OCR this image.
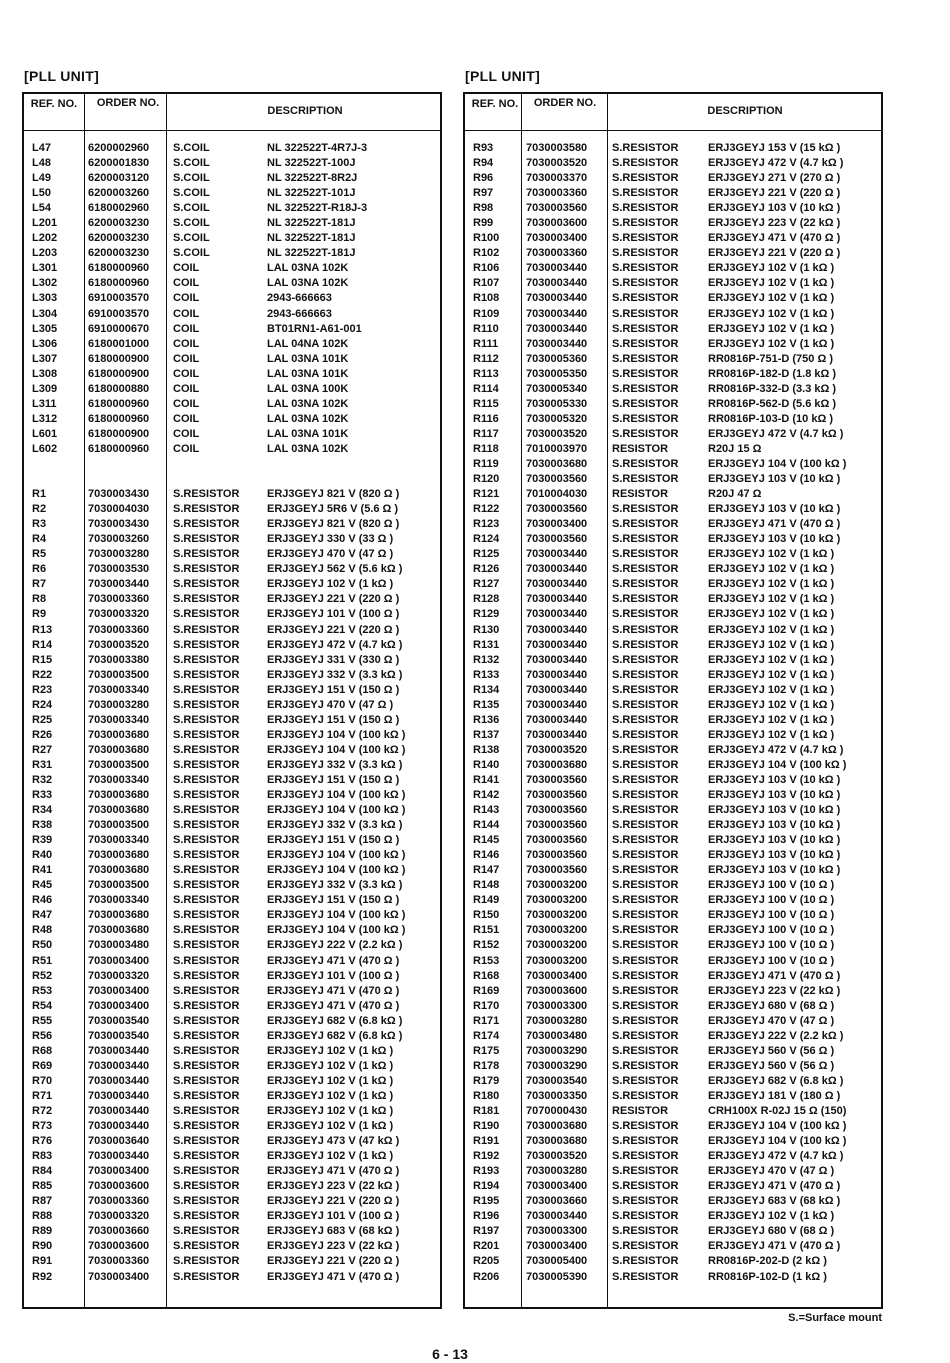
[PLL UNIT]	[PLL UNIT]
REF. NO.	ORDER NO.
DESCRIPTION
L47	6200002960 S.COIL	NL 322522T-4R7J-3
L48	6200001830 S.COIL	NL 322522T-100J
L49	6200003120 S.COIL	NL 322522T-8R2J
L50	6200003260 S.COIL	NL 322522T-101J
L54	6180002960 S.COIL	NL 322522T-R18J-3
L201	6200003230 S.COIL	NL 322522T-181J
L202	6200003230 S.COIL	NL 322522T-181J
L203	6200003230 S.COIL	NL 322522T-181J
L301	6180000960 COIL	LAL 03NA 102K
L302	6180000960 COIL	LAL 03NA 102K
L303	6910003570 COIL	2943-666663
L304	6910003570 COIL	2943-666663
L305	6910000670 COIL	BT01RN1-A61-001
L306	6180001000 COIL	LAL 04NA 102K
L307	6180000900 COIL	LAL 03NA 101K
L308	6180000900 COIL	LAL 03NA 101K
L309	6180000880 COIL	LAL 03NA 100K
L311	6180000960 COIL	LAL 03NA 102K
L312	6180000960 COIL	LAL 03NA 102K
L601	6180000900 COIL	LAL 03NA 101K
L602	6180000960 COIL	LAL 03NA 102K
R1	7030003430 S.RESISTOR	ERJ3GEYJ 821 V (820 Ω )
R2	7030004030 S.RESISTOR	ERJ3GEYJ 5R6 V (5.6 Ω )
R3	7030003430 S.RESISTOR	ERJ3GEYJ 821 V (820 Ω )
R4	7030003260 S.RESISTOR	ERJ3GEYJ 330 V (33 Ω )
R5	7030003280 S.RESISTOR	ERJ3GEYJ 470 V (47 Ω )
R6	7030003530 S.RESISTOR	ERJ3GEYJ 562 V (5.6 kΩ )
R7	7030003440 S.RESISTOR	ERJ3GEYJ 102 V (1 kΩ )
R8	7030003360 S.RESISTOR	ERJ3GEYJ 221 V (220 Ω )
R9	7030003320 S.RESISTOR	ERJ3GEYJ 101 V (100 Ω )
R13	7030003360 S.RESISTOR	ERJ3GEYJ 221 V (220 Ω )
R14	7030003520 S.RESISTOR	ERJ3GEYJ 472 V (4.7 kΩ )
R15	7030003380 S.RESISTOR	ERJ3GEYJ 331 V (330 Ω )
R22	7030003500 S.RESISTOR	ERJ3GEYJ 332 V (3.3 kΩ )
R23	7030003340 S.RESISTOR	ERJ3GEYJ 151 V (150 Ω )
R24	7030003280 S.RESISTOR	ERJ3GEYJ 470 V (47 Ω )
R25	7030003340 S.RESISTOR	ERJ3GEYJ 151 V (150 Ω )
R26	7030003680 S.RESISTOR	ERJ3GEYJ 104 V (100 kΩ )
R27	7030003680 S.RESISTOR	ERJ3GEYJ 104 V (100 kΩ )
R31	7030003500 S.RESISTOR	ERJ3GEYJ 332 V (3.3 kΩ )
R32	7030003340 S.RESISTOR	ERJ3GEYJ 151 V (150 Ω )
R33	7030003680 S.RESISTOR	ERJ3GEYJ 104 V (100 kΩ )
R34	7030003680 S.RESISTOR	ERJ3GEYJ 104 V (100 kΩ )
R38	7030003500 S.RESISTOR	ERJ3GEYJ 332 V (3.3 kΩ )
R39	7030003340 S.RESISTOR	ERJ3GEYJ 151 V (150 Ω )
R40	7030003680 S.RESISTOR	ERJ3GEYJ 104 V (100 kΩ )
R41	7030003680 S.RESISTOR	ERJ3GEYJ 104 V (100 kΩ )
R45	7030003500 S.RESISTOR	ERJ3GEYJ 332 V (3.3 kΩ )
R46	7030003340 S.RESISTOR	ERJ3GEYJ 151 V (150 Ω )
R47	7030003680 S.RESISTOR	ERJ3GEYJ 104 V (100 kΩ )
R48	7030003680 S.RESISTOR	ERJ3GEYJ 104 V (100 kΩ )
R50	7030003480 S.RESISTOR	ERJ3GEYJ 222 V (2.2 kΩ )
R51	7030003400 S.RESISTOR	ERJ3GEYJ 471 V (470 Ω )
R52	7030003320 S.RESISTOR	ERJ3GEYJ 101 V (100 Ω )
R53	7030003400 S.RESISTOR	ERJ3GEYJ 471 V (470 Ω )
R54	7030003400 S.RESISTOR	ERJ3GEYJ 471 V (470 Ω )
R55	7030003540 S.RESISTOR	ERJ3GEYJ 682 V (6.8 kΩ )
R56	7030003540 S.RESISTOR	ERJ3GEYJ 682 V (6.8 kΩ )
R68	7030003440 S.RESISTOR	ERJ3GEYJ 102 V (1 kΩ )
R69	7030003440 S.RESISTOR	ERJ3GEYJ 102 V (1 kΩ )
R70	7030003440 S.RESISTOR	ERJ3GEYJ 102 V (1 kΩ )
R71	7030003440 S.RESISTOR	ERJ3GEYJ 102 V (1 kΩ )
R72	7030003440 S.RESISTOR	ERJ3GEYJ 102 V (1 kΩ )
R73	7030003440 S.RESISTOR	ERJ3GEYJ 102 V (1 kΩ )
R76	7030003640 S.RESISTOR	ERJ3GEYJ 473 V (47 kΩ )
R83	7030003440 S.RESISTOR	ERJ3GEYJ 102 V (1 kΩ )
R84	7030003400 S.RESISTOR	ERJ3GEYJ 471 V (470 Ω )
R85	7030003600 S.RESISTOR	ERJ3GEYJ 223 V (22 kΩ )
R87	7030003360 S.RESISTOR	ERJ3GEYJ 221 V (220 Ω )
R88	7030003320 S.RESISTOR	ERJ3GEYJ 101 V (100 Ω )
R89	7030003660 S.RESISTOR	ERJ3GEYJ 683 V (68 kΩ )
R90	7030003600 S.RESISTOR	ERJ3GEYJ 223 V (22 kΩ )
R91	7030003360 S.RESISTOR	ERJ3GEYJ 221 V (220 Ω )
R92	7030003400 S.RESISTOR	ERJ3GEYJ 471 V (470 Ω )
REF. NO.	ORDER NO.
DESCRIPTION
R93	7030003580 S.RESISTOR	ERJ3GEYJ 153 V (15 kΩ )
R94	7030003520 S.RESISTOR	ERJ3GEYJ 472 V (4.7 kΩ )
R96	7030003370 S.RESISTOR	ERJ3GEYJ 271 V (270 Ω )
R97	7030003360 S.RESISTOR	ERJ3GEYJ 221 V (220 Ω )
R98	7030003560 S.RESISTOR	ERJ3GEYJ 103 V (10 kΩ )
R99	7030003600 S.RESISTOR	ERJ3GEYJ 223 V (22 kΩ )
R100 7030003400 S.RESISTOR	ERJ3GEYJ 471 V (470 Ω )
R102 7030003360 S.RESISTOR	ERJ3GEYJ 221 V (220 Ω )
R106 7030003440 S.RESISTOR	ERJ3GEYJ 102 V (1 kΩ )
R107 7030003440 S.RESISTOR	ERJ3GEYJ 102 V (1 kΩ )
R108 7030003440 S.RESISTOR	ERJ3GEYJ 102 V (1 kΩ )
R109 7030003440 S.RESISTOR	ERJ3GEYJ 102 V (1 kΩ )
R110 7030003440 S.RESISTOR	ERJ3GEYJ 102 V (1 kΩ )
R111	7030003440 S.RESISTOR	ERJ3GEYJ 102 V (1 kΩ )
R112 7030005360 S.RESISTOR	RR0816P-751-D (750 Ω )
R113 7030005350 S.RESISTOR	RR0816P-182-D (1.8 kΩ )
R114 7030005340 S.RESISTOR	RR0816P-332-D (3.3 kΩ )
R115 7030005330 S.RESISTOR	RR0816P-562-D (5.6 kΩ )
R116 7030005320 S.RESISTOR	RR0816P-103-D (10 kΩ )
R117 7030003520 S.RESISTOR	ERJ3GEYJ 472 V (4.7 kΩ )
R118 7010003970 RESISTOR	R20J 15 Ω
R119 7030003680 S.RESISTOR	ERJ3GEYJ 104 V (100 kΩ )
R120 7030003560 S.RESISTOR	ERJ3GEYJ 103 V (10 kΩ )
R121 7010004030 RESISTOR	R20J 47 Ω
R122 7030003560 S.RESISTOR	ERJ3GEYJ 103 V (10 kΩ )
R123 7030003400 S.RESISTOR	ERJ3GEYJ 471 V (470 Ω )
R124 7030003560 S.RESISTOR	ERJ3GEYJ 103 V (10 kΩ )
R125 7030003440 S.RESISTOR	ERJ3GEYJ 102 V (1 kΩ )
R126 7030003440 S.RESISTOR	ERJ3GEYJ 102 V (1 kΩ )
R127 7030003440 S.RESISTOR	ERJ3GEYJ 102 V (1 kΩ )
R128 7030003440 S.RESISTOR	ERJ3GEYJ 102 V (1 kΩ )
R129 7030003440 S.RESISTOR	ERJ3GEYJ 102 V (1 kΩ )
R130 7030003440 S.RESISTOR	ERJ3GEYJ 102 V (1 kΩ )
R131 7030003440 S.RESISTOR	ERJ3GEYJ 102 V (1 kΩ )
R132 7030003440 S.RESISTOR	ERJ3GEYJ 102 V (1 kΩ )
R133 7030003440 S.RESISTOR	ERJ3GEYJ 102 V (1 kΩ )
R134 7030003440 S.RESISTOR	ERJ3GEYJ 102 V (1 kΩ )
R135 7030003440 S.RESISTOR	ERJ3GEYJ 102 V (1 kΩ )
R136 7030003440 S.RESISTOR	ERJ3GEYJ 102 V (1 kΩ )
R137 7030003440 S.RESISTOR	ERJ3GEYJ 102 V (1 kΩ )
R138 7030003520 S.RESISTOR	ERJ3GEYJ 472 V (4.7 kΩ )
R140 7030003680 S.RESISTOR	ERJ3GEYJ 104 V (100 kΩ )
R141 7030003560 S.RESISTOR	ERJ3GEYJ 103 V (10 kΩ )
R142 7030003560 S.RESISTOR	ERJ3GEYJ 103 V (10 kΩ )
R143 7030003560 S.RESISTOR	ERJ3GEYJ 103 V (10 kΩ )
R144 7030003560 S.RESISTOR	ERJ3GEYJ 103 V (10 kΩ )
R145 7030003560 S.RESISTOR	ERJ3GEYJ 103 V (10 kΩ )
R146 7030003560 S.RESISTOR	ERJ3GEYJ 103 V (10 kΩ )
R147 7030003560 S.RESISTOR	ERJ3GEYJ 103 V (10 kΩ )
R148 7030003200 S.RESISTOR	ERJ3GEYJ 100 V (10 Ω )
R149 7030003200 S.RESISTOR	ERJ3GEYJ 100 V (10 Ω )
R150 7030003200 S.RESISTOR	ERJ3GEYJ 100 V (10 Ω )
R151 7030003200 S.RESISTOR	ERJ3GEYJ 100 V (10 Ω )
R152 7030003200 S.RESISTOR	ERJ3GEYJ 100 V (10 Ω )
R153 7030003200 S.RESISTOR	ERJ3GEYJ 100 V (10 Ω )
R168 7030003400 S.RESISTOR	ERJ3GEYJ 471 V (470 Ω )
R169 7030003600 S.RESISTOR	ERJ3GEYJ 223 V (22 kΩ )
R170 7030003300 S.RESISTOR	ERJ3GEYJ 680 V (68 Ω )
R171 7030003280 S.RESISTOR	ERJ3GEYJ 470 V (47 Ω )
R174 7030003480 S.RESISTOR	ERJ3GEYJ 222 V (2.2 kΩ )
R175 7030003290 S.RESISTOR	ERJ3GEYJ 560 V (56 Ω )
R178 7030003290 S.RESISTOR	ERJ3GEYJ 560 V (56 Ω )
R179 7030003540 S.RESISTOR	ERJ3GEYJ 682 V (6.8 kΩ )
R180 7030003350 S.RESISTOR	ERJ3GEYJ 181 V (180 Ω )
R181 7070000430 RESISTOR	CRH100X R-02J 15 Ω (150)
R190 7030003680 S.RESISTOR	ERJ3GEYJ 104 V (100 kΩ )
R191 7030003680 S.RESISTOR	ERJ3GEYJ 104 V (100 kΩ )
R192 7030003520 S.RESISTOR	ERJ3GEYJ 472 V (4.7 kΩ )
R193 7030003280 S.RESISTOR	ERJ3GEYJ 470 V (47 Ω )
R194 7030003400 S.RESISTOR	ERJ3GEYJ 471 V (470 Ω )
R195 7030003660 S.RESISTOR	ERJ3GEYJ 683 V (68 kΩ )
R196 7030003440 S.RESISTOR	ERJ3GEYJ 102 V (1 kΩ )
R197 7030003300 S.RESISTOR	ERJ3GEYJ 680 V (68 Ω )
R201 7030003400 S.RESISTOR	ERJ3GEYJ 471 V (470 Ω )
R205 7030005400 S.RESISTOR	RR0816P-202-D (2 kΩ )
R206 7030005390 S.RESISTOR	RR0816P-102-D (1 kΩ )
S.=Surface mount
6 - 13
